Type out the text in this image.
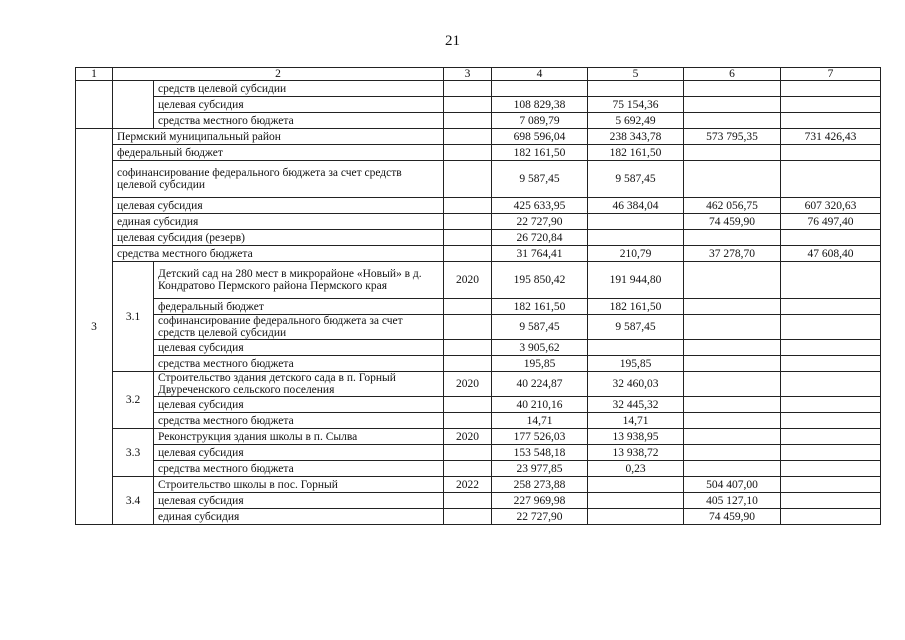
21
1	2		3	4	5	6	7
		средств целевой субсидии					
		целевая субсидия		108 829,38	75 154,36		
		средства местного бюджета		7 089,79	5 692,49		
3	Пермский муниципальный район			698 596,04	238 343,78	573 795,35	731 426,43
	федеральный бюджет			182 161,50	182 161,50		
	софинансирование федерального бюджета за счет средств целевой субсидии			9 587,45	9 587,45		
	целевая субсидия			425 633,95	46 384,04	462 056,75	607 320,63
	единая субсидия			22 727,90		74 459,90	76 497,40
	целевая субсидия (резерв)			26 720,84			
	средства местного бюджета			31 764,41	210,79	37 278,70	47 608,40
	3.1	Детский сад на 280 мест в микрорайоне «Новый» в д. Кондратово Пермского района Пермского края	2020	195 850,42	191 944,80		
		федеральный бюджет		182 161,50	182 161,50		
		софинансирование федерального бюджета за счет средств целевой субсидии		9 587,45	9 587,45		
		целевая субсидия		3 905,62			
		средства местного бюджета		195,85	195,85		
	3.2	Строительство здания детского сада в п. Горный Двуреченского сельского поселения	2020	40 224,87	32 460,03		
		целевая субсидия		40 210,16	32 445,32		
		средства местного бюджета		14,71	14,71		
	3.3	Реконструкция здания школы в п. Сылва	2020	177 526,03	13 938,95		
		целевая субсидия		153 548,18	13 938,72		
		средства местного бюджета		23 977,85	0,23		
	3.4	Строительство школы в пос. Горный	2022	258 273,88		504 407,00	
		целевая субсидия		227 969,98		405 127,10	
		единая субсидия		22 727,90		74 459,90	
